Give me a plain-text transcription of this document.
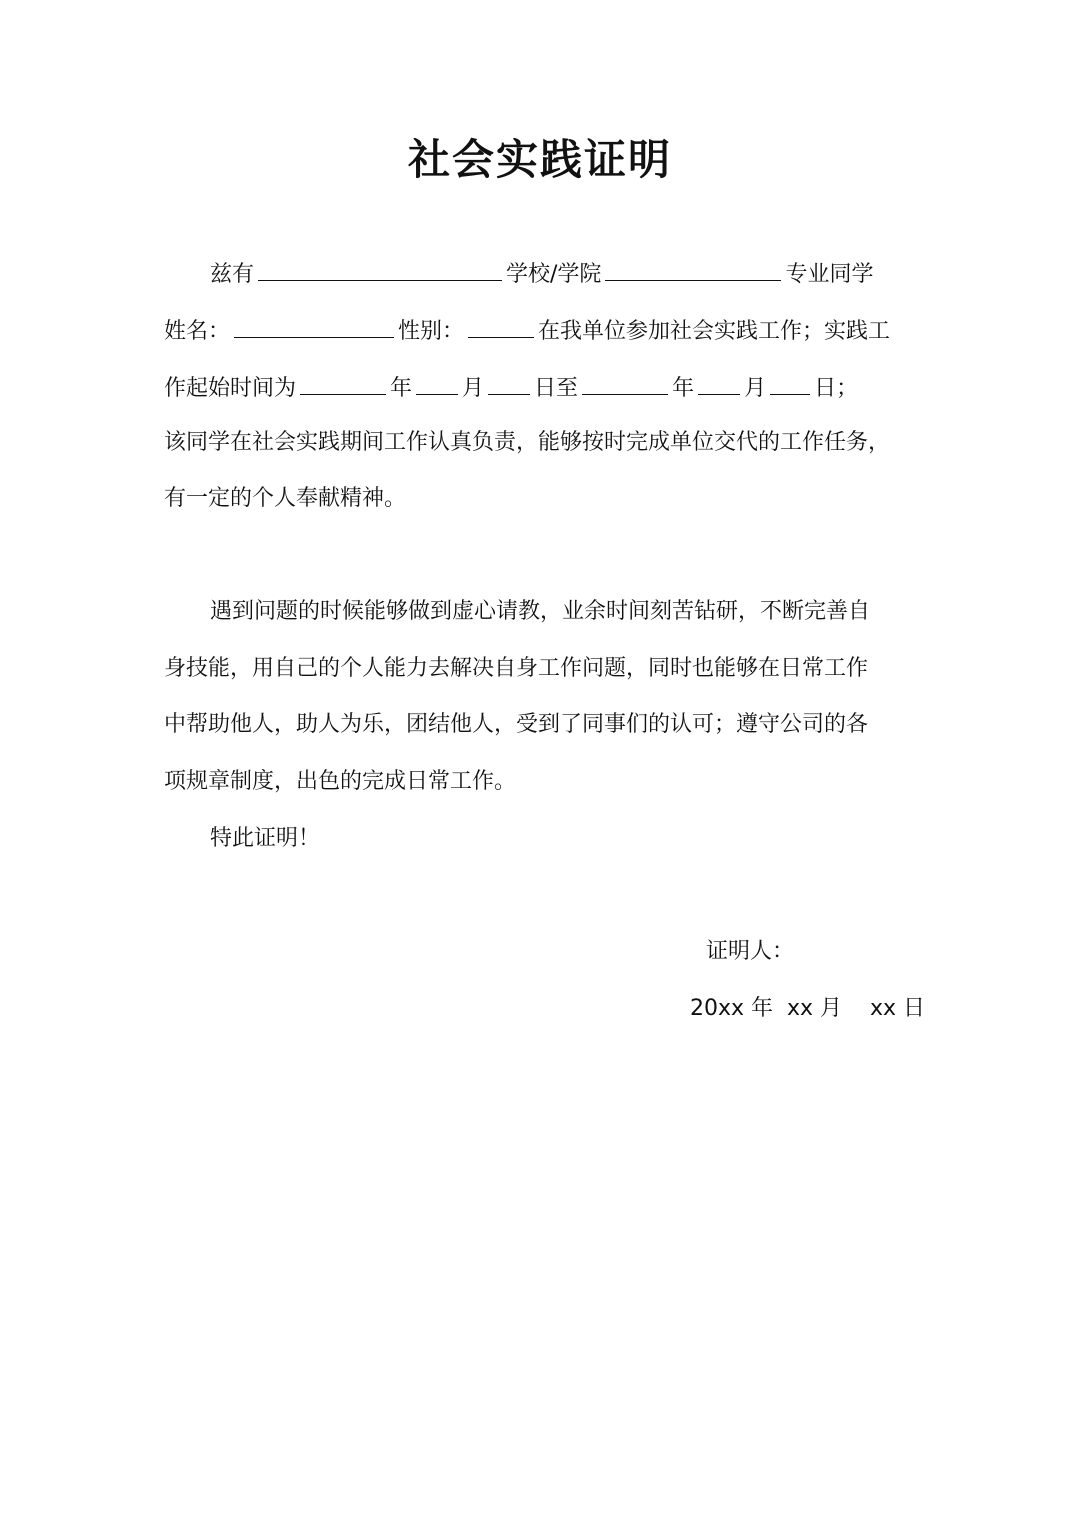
社会实践证明
兹有	学校/学院	专业同学
姓名：	性别：	在我单位参加社会实践工作；实践工
作起始时间为	年 月 日至	年 月 日；
该同学在社会实践期间工作认真负责，能够按时完成单位交代的工作任务，
有一定的个人奉献精神。
遇到问题的时候能够做到虚心请教，业余时间刻苦钻研，不断完善自
身技能，用自己的个人能力去解决自身工作问题，同时也能够在日常工作
中帮助他人，助人为乐，团结他人，受到了同事们的认可；遵守公司的各
项规章制度，出色的完成日常工作。
特此证明！
证明人：
20xx 年  xx 月    xx 日
